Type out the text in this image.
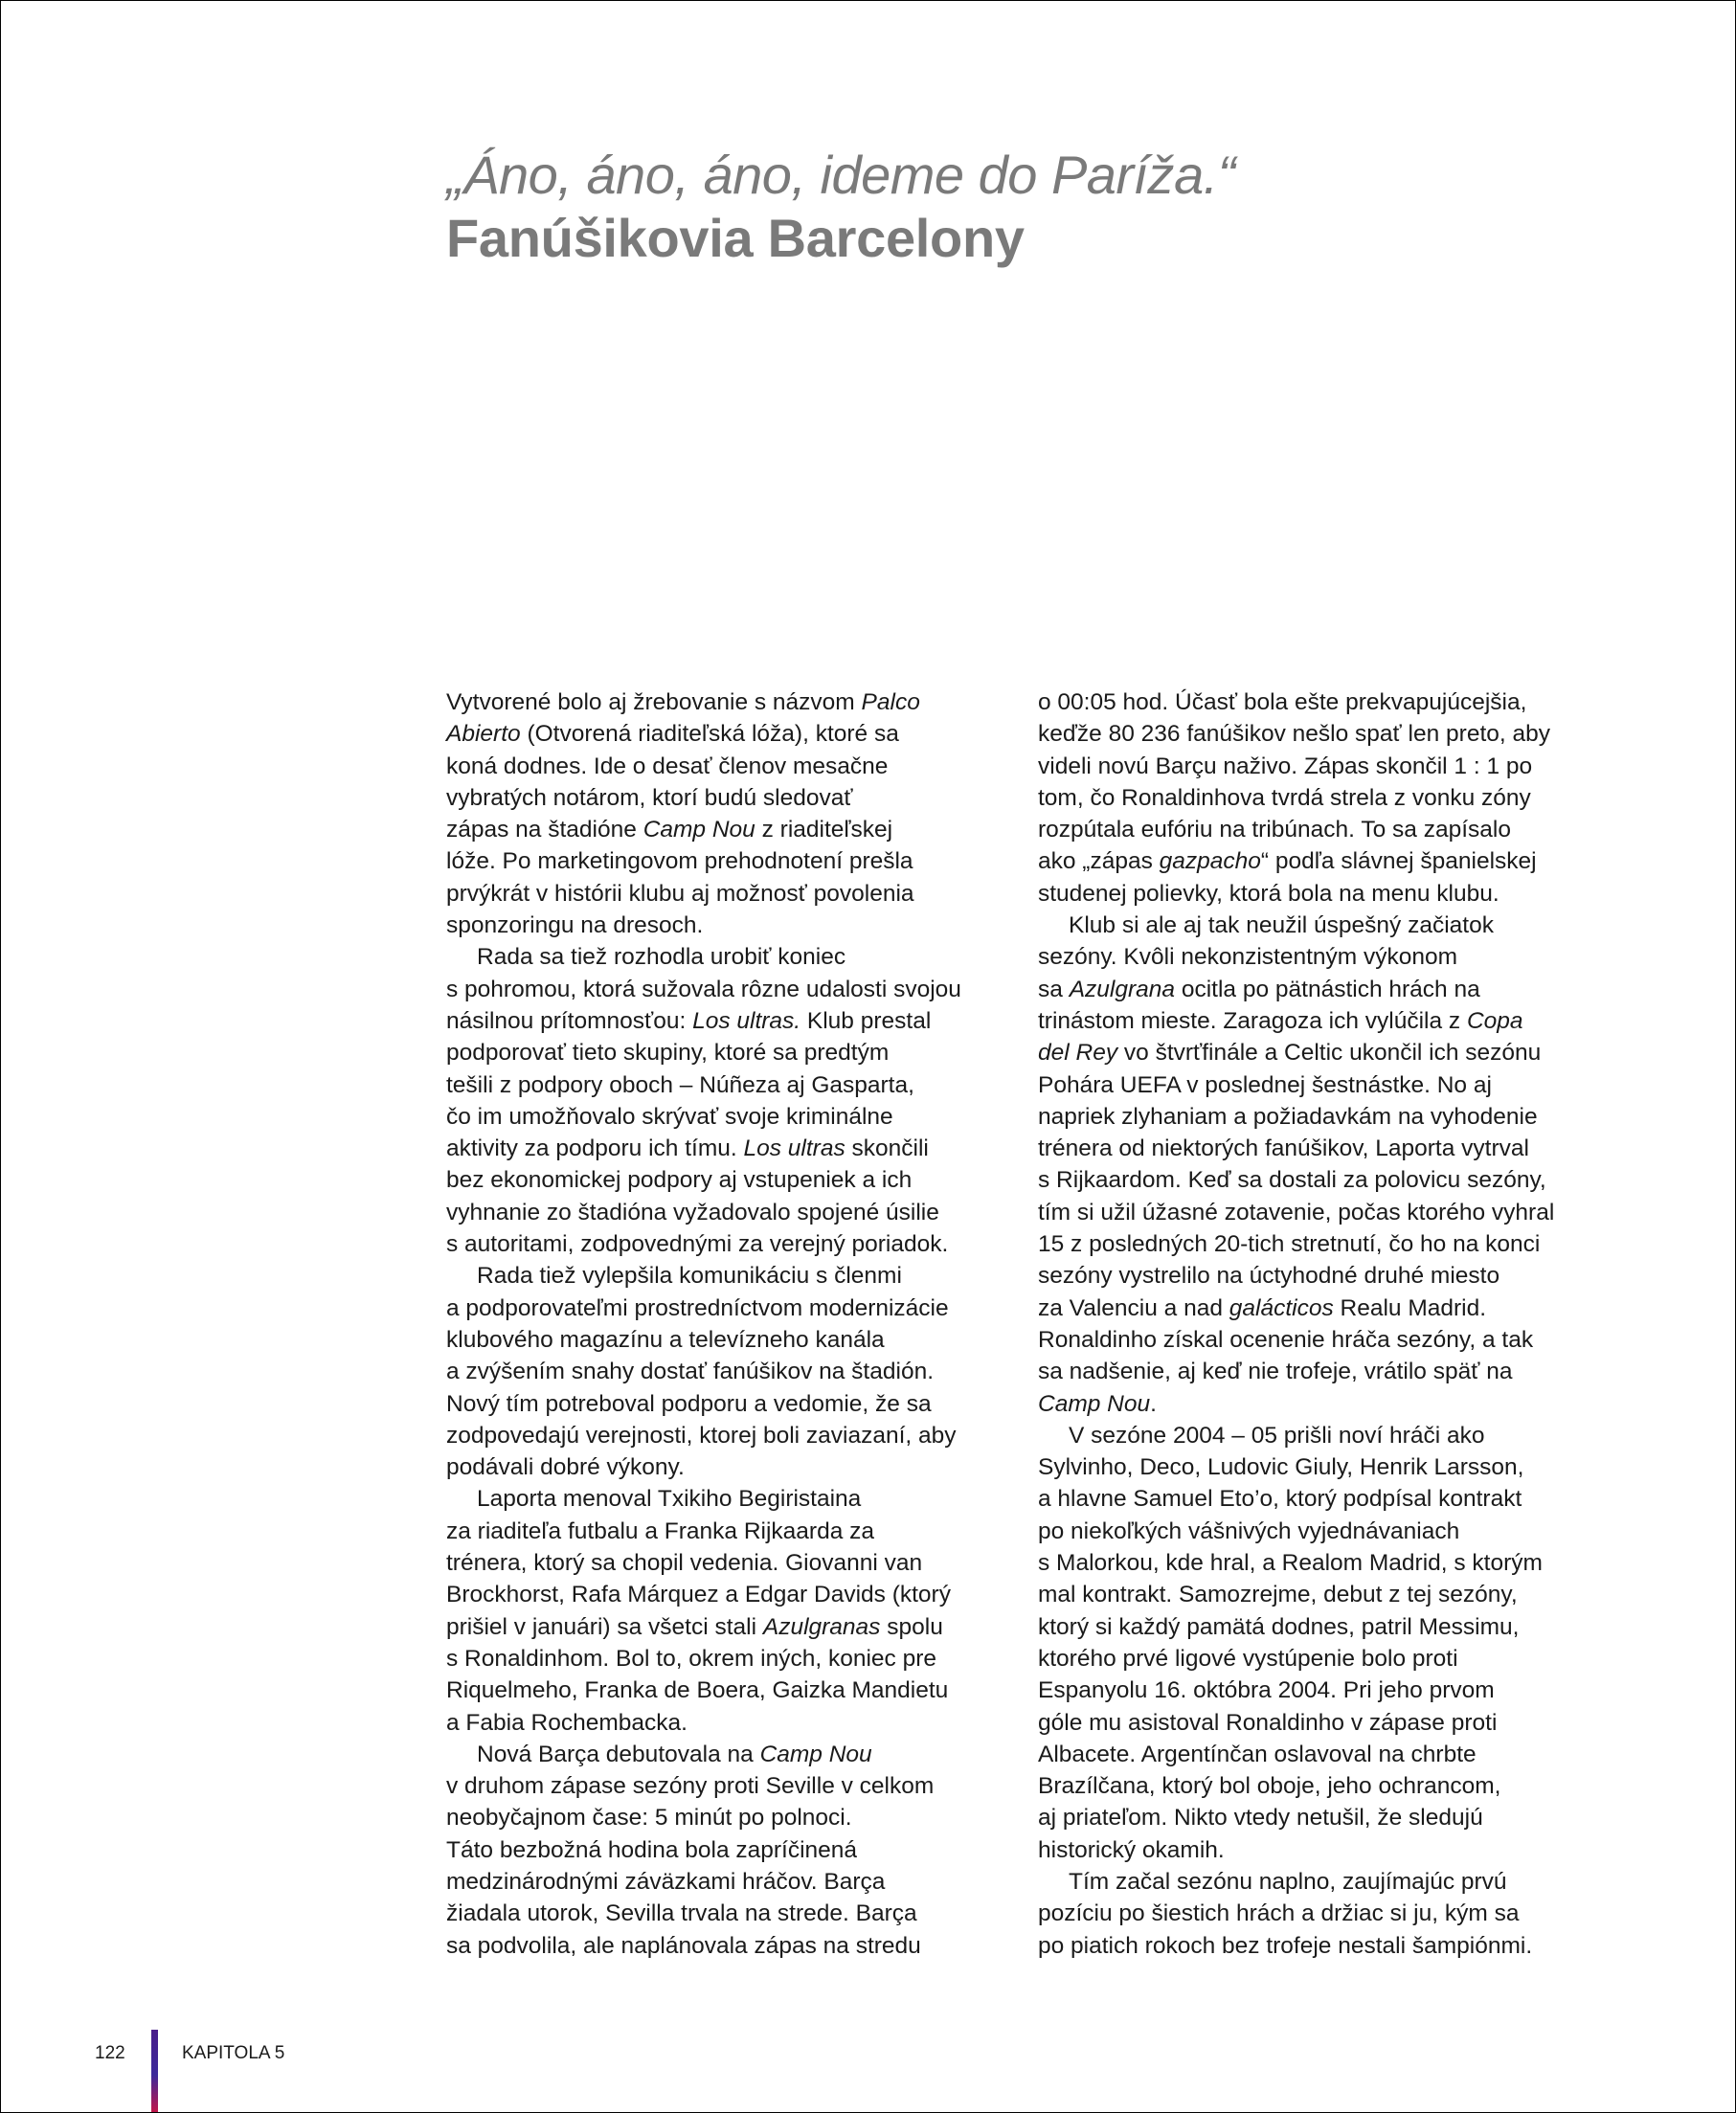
„Áno, áno, áno, ideme do Paríža.“
Fanúšikovia Barcelony
Vytvorené bolo aj žrebovanie s názvom Palco
Abierto (Otvorená riaditeľská lóža), ktoré sa
koná dodnes. Ide o desať členov mesačne
vybratých notárom, ktorí budú sledovať
zápas na štadióne Camp Nou z riaditeľskej
lóže. Po marketingovom prehodnotení prešla
prvýkrát v histórii klubu aj možnosť povolenia
sponzoringu na dresoch.
Rada sa tiež rozhodla urobiť koniec
s pohromou, ktorá sužovala rôzne udalosti svojou
násilnou prítomnosťou: Los ultras. Klub prestal
podporovať tieto skupiny, ktoré sa predtým
tešili z podpory oboch – Núñeza aj Gasparta,
čo im umožňovalo skrývať svoje kriminálne
aktivity za podporu ich tímu. Los ultras skončili
bez ekonomickej podpory aj vstupeniek a ich
vyhnanie zo štadióna vyžadovalo spojené úsilie
s autoritami, zodpovednými za verejný poriadok.
Rada tiež vylepšila komunikáciu s členmi
a podporovateľmi prostredníctvom modernizácie
klubového magazínu a televízneho kanála
a zvýšením snahy dostať fanúšikov na štadión.
Nový tím potreboval podporu a vedomie, že sa
zodpovedajú verejnosti, ktorej boli zaviazaní, aby
podávali dobré výkony.
Laporta menoval Txikiho Begiristaina
za riaditeľa futbalu a Franka Rijkaarda za
trénera, ktorý sa chopil vedenia. Giovanni van
Brockhorst, Rafa Márquez a Edgar Davids (ktorý
prišiel v januári) sa všetci stali Azulgranas spolu
s Ronaldinhom. Bol to, okrem iných, koniec pre
Riquelmeho, Franka de Boera, Gaizka Mandietu
a Fabia Rochembacka.
Nová Barça debutovala na Camp Nou
v druhom zápase sezóny proti Seville v celkom
neobyčajnom čase: 5 minút po polnoci.
Táto bezbožná hodina bola zapríčinená
medzinárodnými záväzkami hráčov. Barça
žiadala utorok, Sevilla trvala na strede. Barça
sa podvolila, ale naplánovala zápas na stredu
o 00:05 hod. Účasť bola ešte prekvapujúcejšia,
keďže 80 236 fanúšikov nešlo spať len preto, aby
videli novú Barçu naživo. Zápas skončil 1 : 1 po
tom, čo Ronaldinhova tvrdá strela z vonku zóny
rozpútala eufóriu na tribúnach. To sa zapísalo
ako „zápas gazpacho“ podľa slávnej španielskej
studenej polievky, ktorá bola na menu klubu.
Klub si ale aj tak neužil úspešný začiatok
sezóny. Kvôli nekonzistentným výkonom
sa Azulgrana ocitla po pätnástich hrách na
trinástom mieste. Zaragoza ich vylúčila z Copa
del Rey vo štvrťfinále a Celtic ukončil ich sezónu
Pohára UEFA v poslednej šestnástke. No aj
napriek zlyhaniam a požiadavkám na vyhodenie
trénera od niektorých fanúšikov, Laporta vytrval
s Rijkaardom. Keď sa dostali za polovicu sezóny,
tím si užil úžasné zotavenie, počas ktorého vyhral
15 z posledných 20-tich stretnutí, čo ho na konci
sezóny vystrelilo na úctyhodné druhé miesto
za Valenciu a nad galácticos Realu Madrid.
Ronaldinho získal ocenenie hráča sezóny, a tak
sa nadšenie, aj keď nie trofeje, vrátilo späť na
Camp Nou.
V sezóne 2004 – 05 prišli noví hráči ako
Sylvinho, Deco, Ludovic Giuly, Henrik Larsson,
a hlavne Samuel Eto’o, ktorý podpísal kontrakt
po niekoľkých vášnivých vyjednávaniach
s Malorkou, kde hral, a Realom Madrid, s ktorým
mal kontrakt. Samozrejme, debut z tej sezóny,
ktorý si každý pamätá dodnes, patril Messimu,
ktorého prvé ligové vystúpenie bolo proti
Espanyolu 16. októbra 2004. Pri jeho prvom
góle mu asistoval Ronaldinho v zápase proti
Albacete. Argentínčan oslavoval na chrbte
Brazílčana, ktorý bol oboje, jeho ochrancom,
aj priateľom. Nikto vtedy netušil, že sledujú
historický okamih.
Tím začal sezónu naplno, zaujímajúc prvú
pozíciu po šiestich hrách a držiac si ju, kým sa
po piatich rokoch bez trofeje nestali šampiónmi.
122	KAPITOLA 5
